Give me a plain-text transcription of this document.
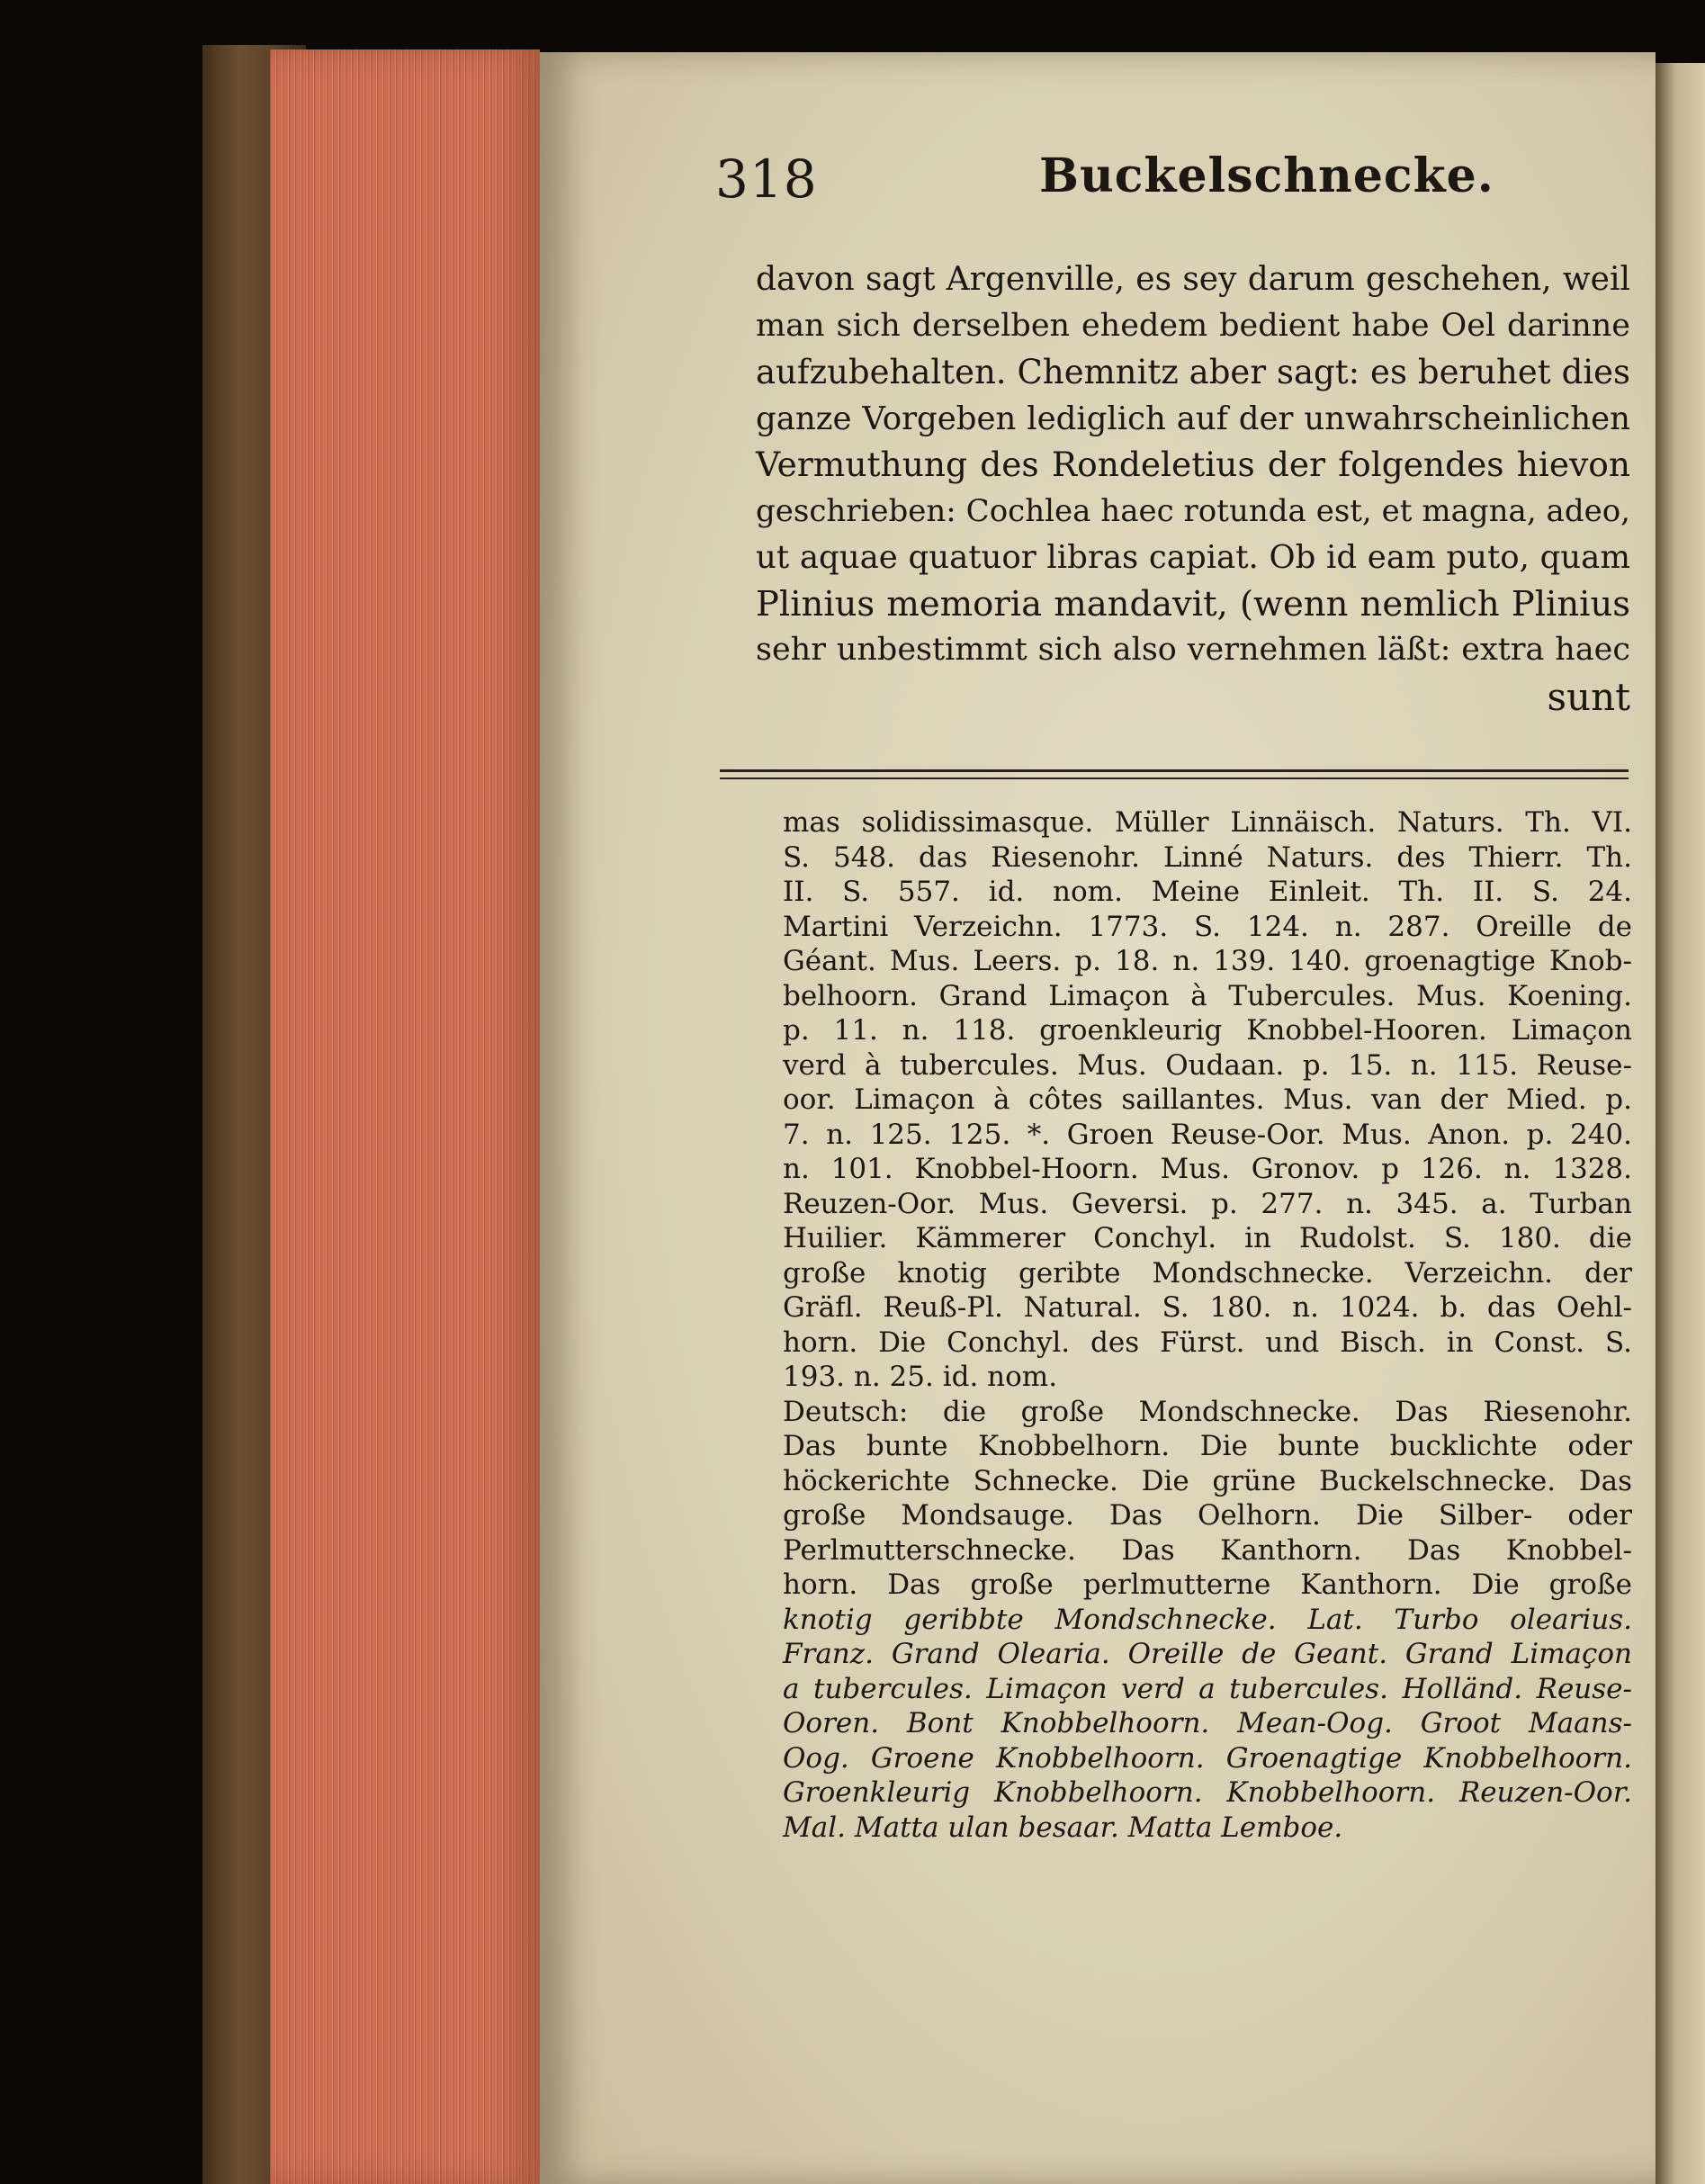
318	Buckelschnecke.
davon sagt Argenville, es sey darum geschehen, weil
man sich derselben ehedem bedient habe Oel darinne
aufzubehalten. Chemnitz aber sagt: es beruhet dies
ganze Vorgeben lediglich auf der unwahrscheinlichen
Vermuthung des Rondeletius der folgendes hievon
geschrieben: Cochlea haec rotunda est, et magna, adeo,
ut aquae quatuor libras capiat. Ob id eam puto, quam
Plinius memoria mandavit, (wenn nemlich Plinius
sehr unbestimmt sich also vernehmen läßt: extra haec
sunt
mas solidissimasque. Müller Linnäisch. Naturs. Th. VI.
S. 548. das Riesenohr. Linné Naturs. des Thierr. Th.
II. S. 557. id. nom. Meine Einleit. Th. II. S. 24.
Martini Verzeichn. 1773. S. 124. n. 287. Oreille de
Géant. Mus. Leers. p. 18. n. 139. 140. groenagtige Knob-
belhoorn. Grand Limaçon à Tubercules. Mus. Koening.
p. 11. n. 118. groenkleurig Knobbel-Hooren. Limaçon
verd à tubercules. Mus. Oudaan. p. 15. n. 115. Reuse-
oor. Limaçon à côtes saillantes. Mus. van der Mied. p.
7. n. 125. 125. *. Groen Reuse-Oor. Mus. Anon. p. 240.
n. 101. Knobbel-Hoorn. Mus. Gronov. p 126. n. 1328.
Reuzen-Oor. Mus. Geversi. p. 277. n. 345. a. Turban
Huilier. Kämmerer Conchyl. in Rudolst. S. 180. die
große knotig geribte Mondschnecke. Verzeichn. der
Gräfl. Reuß-Pl. Natural. S. 180. n. 1024. b. das Oehl-
horn. Die Conchyl. des Fürst. und Bisch. in Const. S.
193. n. 25. id. nom.
Deutsch: die große Mondschnecke. Das Riesenohr.
Das bunte Knobbelhorn. Die bunte bucklichte oder
höckerichte Schnecke. Die grüne Buckelschnecke. Das
große Mondsauge. Das Oelhorn. Die Silber- oder
Perlmutterschnecke. Das Kanthorn. Das Knobbel-
horn. Das große perlmutterne Kanthorn. Die große
knotig geribbte Mondschnecke. Lat. Turbo olearius.
Franz. Grand Olearia. Oreille de Geant. Grand Limaçon
a tubercules. Limaçon verd a tubercules. Holländ. Reuse-
Ooren. Bont Knobbelhoorn. Mean-Oog. Groot Maans-
Oog. Groene Knobbelhoorn. Groenagtige Knobbelhoorn.
Groenkleurig Knobbelhoorn. Knobbelhoorn. Reuzen-Oor.
Mal. Matta ulan besaar. Matta Lemboe.
